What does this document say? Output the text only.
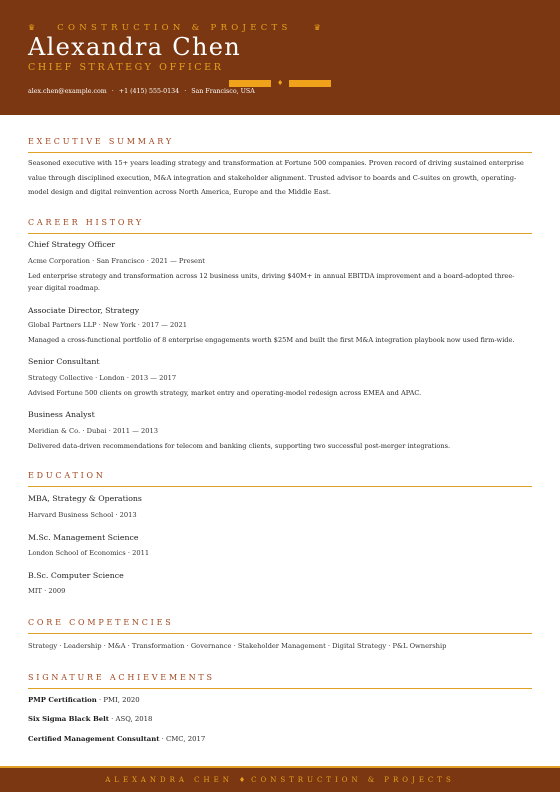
♛	CONSTRUCTION & PROJECTS	♛
Alexandra Chen
CHIEF STRATEGY OFFICER
♦
alex.chen@example.com · +1 (415) 555-0134 · San Francisco, USA
EXECUTIVE SUMMARY
Seasoned executive with 15+ years leading strategy and transformation at Fortune 500 companies. Proven record of driving sustained enterprise value through disciplined execution, M&A integration and stakeholder alignment. Trusted advisor to boards and C-suites on growth, operating-model design and digital reinvention across North America, Europe and the Middle East.
CAREER HISTORY
Chief Strategy Officer
Acme Corporation · San Francisco · 2021 — Present
Led enterprise strategy and transformation across 12 business units, driving $40M+ in annual EBITDA improvement and a board-adopted three-year digital roadmap.
Associate Director, Strategy
Global Partners LLP · New York · 2017 — 2021
Managed a cross-functional portfolio of 8 enterprise engagements worth $25M and built the first M&A integration playbook now used firm-wide.
Senior Consultant
Strategy Collective · London · 2013 — 2017
Advised Fortune 500 clients on growth strategy, market entry and operating-model redesign across EMEA and APAC.
Business Analyst
Meridian & Co. · Dubai · 2011 — 2013
Delivered data-driven recommendations for telecom and banking clients, supporting two successful post-merger integrations.
EDUCATION
MBA, Strategy & Operations
Harvard Business School · 2013
M.Sc. Management Science
London School of Economics · 2011
B.Sc. Computer Science
MIT · 2009
CORE COMPETENCIES
Strategy · Leadership · M&A · Transformation · Governance · Stakeholder Management · Digital Strategy · P&L Ownership
SIGNATURE ACHIEVEMENTS
PMP Certification · PMI, 2020
Six Sigma Black Belt · ASQ, 2018
Certified Management Consultant · CMC, 2017
ALEXANDRA CHEN ♦ CONSTRUCTION & PROJECTS
